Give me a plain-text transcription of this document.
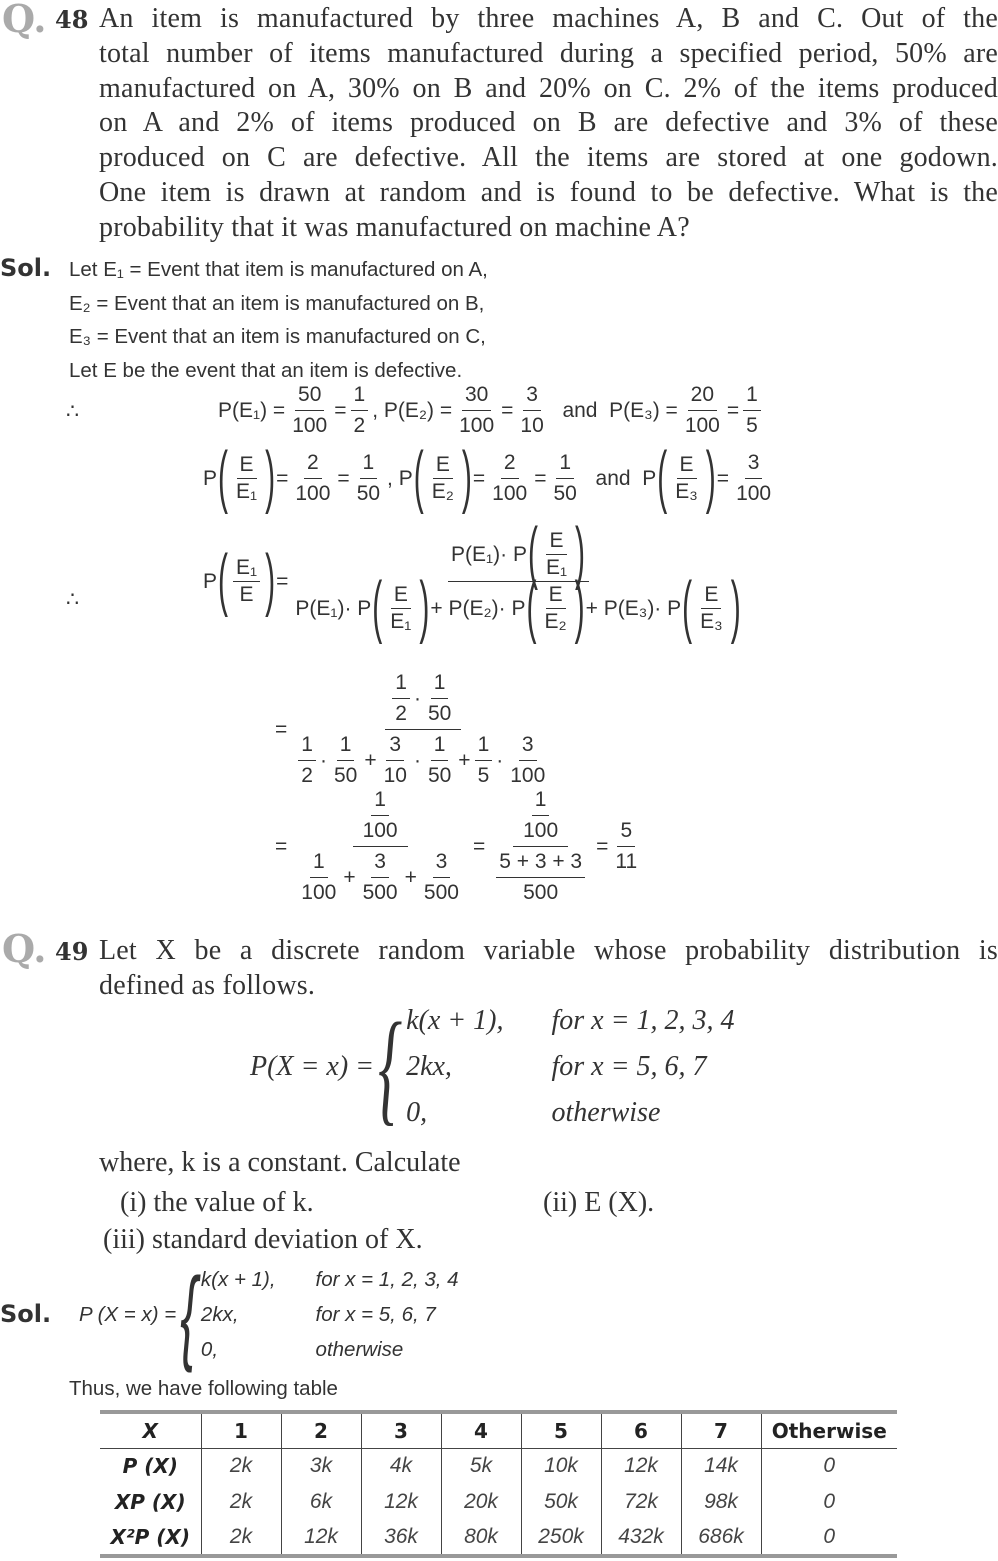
Q. 48 An item is manufactured by three machines A, B and C. Out of the
total number of items manufactured during a specified period, 50% are
manufactured on A, 30% on B and 20% on C. 2% of the items produced
on A and 2% of items produced on B are defective and 3% of these
produced on C are defective. All the items are stored at one godown.
One item is drawn at random and is found to be defective. What is the
probability that it was manufactured on machine A?
Sol. Let E₁ = Event that item is manufactured on A,
E₂ = Event that an item is manufactured on B,
E₃ = Event that an item is manufactured on C,
Let E be the event that an item is defective.
∴	$P(E_1) = \frac{50}{100} = \frac{1}{2}$ , $P(E_2) = \frac{30}{100} = \frac{3}{10}$ and  $P(E_3) = \frac{20}{100} = \frac{1}{5}$
P ( $\frac{E}{\text{E₁}}$ ) = $\frac{2}{100} = \frac{1}{50}$ , P ( $\frac{E}{\text{E₂}}$ ) = $\frac{2}{100} = \frac{1}{50}$ and  P ( $\frac{E}{\text{E₃}}$ ) = $\frac{3}{100}$
∴
P ( $\frac{\text{E₁}}{E}$ ) = $\frac{P(E_1)\cdot P ( \frac{E}{\text{E₁}} )}{P(E_1)\cdot P ( \frac{E}{\text{E₁}} ) + P(E_2)\cdot P ( \frac{E}{\text{E₂}} ) + P(E_3)\cdot P ( \frac{E}{\text{E₃}} )}$
= $\frac{\frac{1}{2} \cdot \frac{1}{50}}{\frac{1}{2} \cdot \frac{1}{50} + \frac{3}{10} \cdot \frac{1}{50} + \frac{1}{5} \cdot \frac{3}{100}}$
= $\frac{\frac{1}{100}}{\frac{1}{100} + \frac{3}{500} + \frac{3}{500}} = \frac{\frac{1}{100}}{\frac{5 + 3 + 3}{500}} = \frac{5}{11}$
Q. 49 Let X be a discrete random variable whose probability distribution is
defined as follows.
P(X = x) = { k(x + 1), for x = 1, 2, 3, 4
2kx,	for x = 5, 6, 7
0,	otherwise
where, k is a constant. Calculate
(i) the value of k.	(ii) E (X).
(iii) standard deviation of X.
Sol. P (X = x) = { k(x + 1), for x = 1, 2, 3, 4
2kx,	for x = 5, 6, 7
0,	otherwise
Thus, we have following table
X	1	2	3	4	5	6	7	Otherwise
P (X)	2k	3k	4k	5k	10k	12k	14k	0
XP (X)	2k	6k	12k	20k	50k	72k	98k	0
X²P (X)	2k	12k	36k	80k	250k	432k	686k	0
